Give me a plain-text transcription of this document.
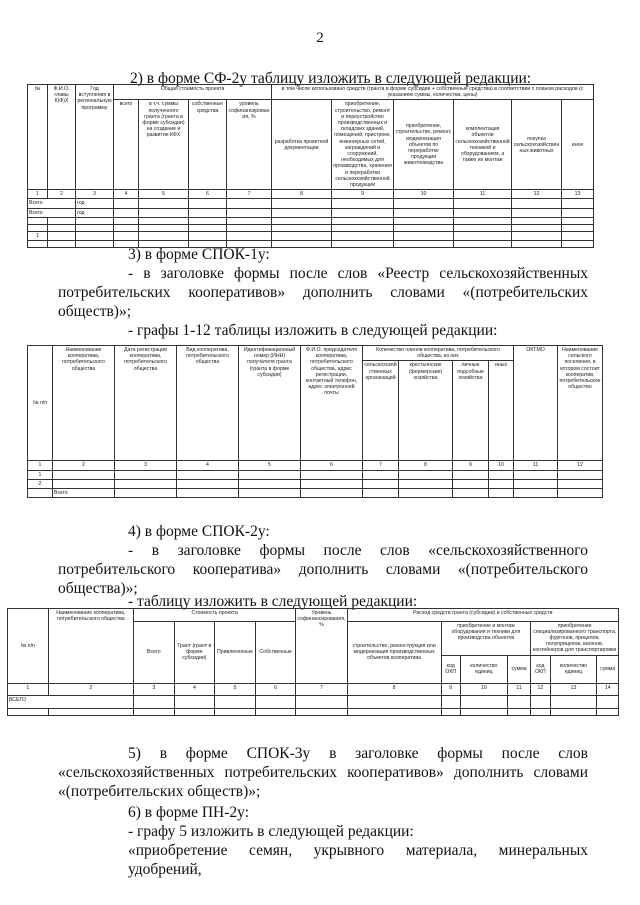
2
2) в форме СФ-2у таблицу изложить в следующей редакции:
№	Ф.И.О. главы К(Ф)Х	Год вступления в региональную программу	Общая стоимость проекта				в том числе использовано средств (гранта в форме субсидии + собственные средства) в соответствии с планом расходов (с указанием суммы, количества, цены)					
			всего	в т.ч. суммы полученного гранта (гранта в форме субсидии) на создание и развитие КФХ	собственные средства	уровень софинансирования, %	разработка проектной документации	приобретение, строительство, ремонт и переустройство производственных и складских зданий, помещений, пристроек, инженерных сетей, заграждений и сооружений, необходимых для производства, хранения и переработки сельскохозяйственной продукции	приобретение, строительство, ремонт, модернизация объектов по переработке продукции животноводства	комплектация объектов сельскохозяйственной техникой и оборудованием, а также их монтаж	покупка сельскохозяйственных животных	иное
1	2	3	4	5	6	7	8	9	10	11	12	13
Всего		год										
Всего		год										

1												

3) в форме СПОК-1у:
- в заголовке формы после слов «Реестр сельскохозяйственных потребительских кооперативов» дополнить словами «(потребительских обществ)»;
- графы 1-12 таблицы изложить в следующей редакции:
№ п/п	Наименование кооператива, потребительского общества	Дата регистрации кооператива, потребительского общества	Вид кооператива, потребительского общества	Идентификационный номер (ИНН) получателя гранта (гранта в форме субсидии)	Ф.И.О. председателя кооператива, потребительского общества, адрес регистрации, контактный телефон, адрес электронной почты	Количество членов кооператива, потребительского общества, из них				ОКТМО	Наименование сельского поселения, в котором состоит кооператив, потребительское общество
						сельскохозяйственных организаций	крестьянские (фермерские) хозяйства	личные подсобные хозяйства	иных		
1	2	3	4	5	6	7	8	9	10	11	12
1											
2											
	Всего										
4) в форме СПОК-2у:
- в заголовке формы после слов «сельскохозяйственного потребительского кооператива» дополнить словами «(потребительского общества)»;
- таблицу изложить в следующей редакции:
№ п/п	Наименование кооператива, потребительского общества	Стоимость проекта				Уровень софинансирования, %	Расход средств гранта (субсидии) и собственных средств						
		Всего	Грант (грант в форме субсидии)	Привлеченные	Собственные		строительство, реконструкция или модернизация производственных объектов кооператива	приобретение и монтаж оборудования и техники для производства объектов			приобретение специализированного транспорта, фургонов, прицепов, полуприцепов, вагонов, контейнеров для транспортировки		
								код ОКП	количество единиц	сумма	код ОКП	количество единиц	сумма
1	2	3	4	5	6	7	8	9	10	11	12	13	14
ВСЕГО													

5) в форме СПОК-3у в заголовке формы после слов «сельскохозяйственных потребительских кооперативов» дополнить словами «(потребительских обществ)»;
6) в форме ПН-2у:
- графу 5 изложить в следующей редакции:
«приобретение семян, укрывного материала, минеральных удобрений,
